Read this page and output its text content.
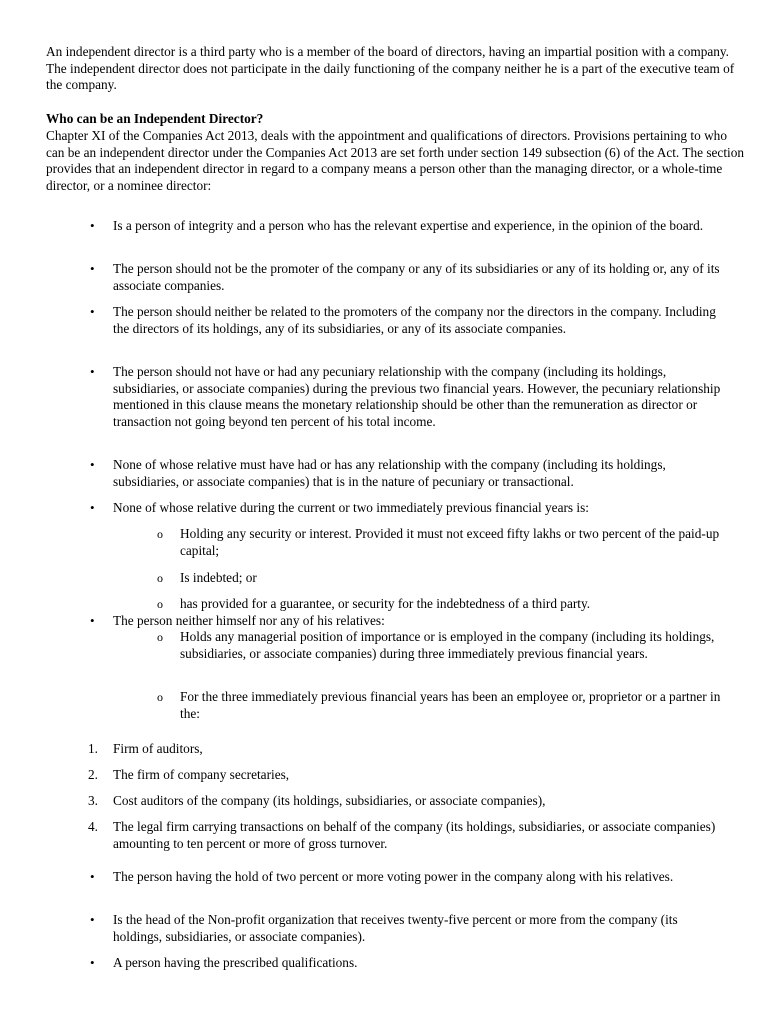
An independent director is a third party who is a member of the board of directors, having an impartial position with a company. The independent director does not participate in the daily functioning of the company neither he is a part of the executive team of the company.

Who can be an Independent Director?

Chapter XI of the Companies Act 2013, deals with the appointment and qualifications of directors. Provisions pertaining to who can be an independent director under the Companies Act 2013 are set forth under section 149 subsection (6) of the Act. The section provides that an independent director in regard to a company means a person other than the managing director, or a whole-time director, or a nominee director:

• Is a person of integrity and a person who has the relevant expertise and experience, in the opinion of the board.
• The person should not be the promoter of the company or any of its subsidiaries or any of its holding or, any of its associate companies.
• The person should neither be related to the promoters of the company nor the directors in the company. Including the directors of its holdings, any of its subsidiaries, or any of its associate companies.
• The person should not have or had any pecuniary relationship with the company (including its holdings, subsidiaries, or associate companies) during the previous two financial years. However, the pecuniary relationship mentioned in this clause means the monetary relationship should be other than the remuneration as director or transaction not going beyond ten percent of his total income.
• None of whose relative must have had or has any relationship with the company (including its holdings, subsidiaries, or associate companies) that is in the nature of pecuniary or transactional.
• None of whose relative during the current or two immediately previous financial years is:
o Holding any security or interest. Provided it must not exceed fifty lakhs or two percent of the paid-up capital;
o Is indebted; or
o has provided for a guarantee, or security for the indebtedness of a third party.
• The person neither himself nor any of his relatives:
o Holds any managerial position of importance or is employed in the company (including its holdings, subsidiaries, or associate companies) during three immediately previous financial years.
o For the three immediately previous financial years has been an employee or, proprietor or a partner in the:
1. Firm of auditors,
2. The firm of company secretaries,
3. Cost auditors of the company (its holdings, subsidiaries, or associate companies),
4. The legal firm carrying transactions on behalf of the company (its holdings, subsidiaries, or associate companies) amounting to ten percent or more of gross turnover.
• The person having the hold of two percent or more voting power in the company along with his relatives.
• Is the head of the Non-profit organization that receives twenty-five percent or more from the company (its holdings, subsidiaries, or associate companies).
• A person having the prescribed qualifications.
